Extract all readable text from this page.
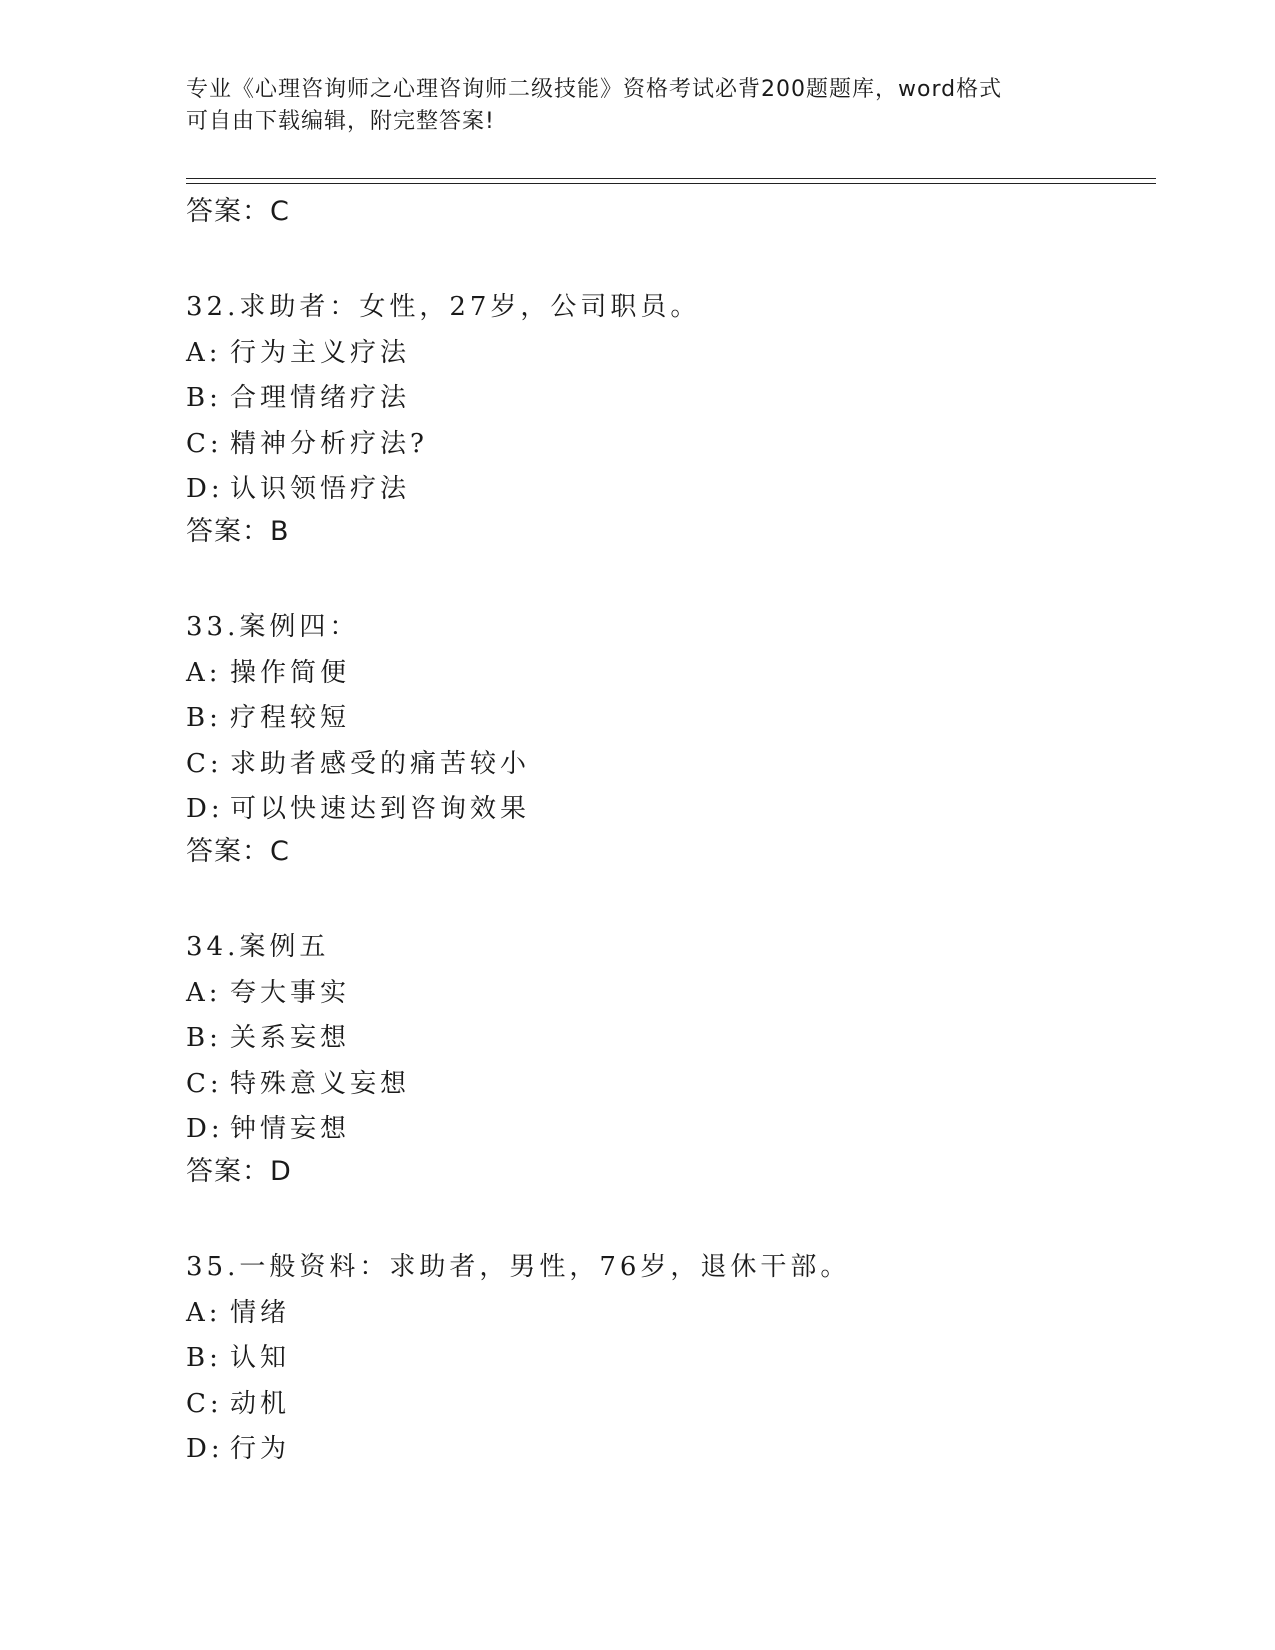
专业《心理咨询师之心理咨询师二级技能》资格考试必背200题题库，word格式
可自由下载编辑，附完整答案!
答案：C
32.求助者：女性，27岁，公司职员。
A: 行为主义疗法
B: 合理情绪疗法
C: 精神分析疗法?
D: 认识领悟疗法
答案：B
33.案例四：
A: 操作简便
B: 疗程较短
C: 求助者感受的痛苦较小
D: 可以快速达到咨询效果
答案：C
34.案例五
A: 夸大事实
B: 关系妄想
C: 特殊意义妄想
D: 钟情妄想
答案：D
35.一般资料：求助者，男性，76岁，退休干部。
A: 情绪
B: 认知
C: 动机
D: 行为
